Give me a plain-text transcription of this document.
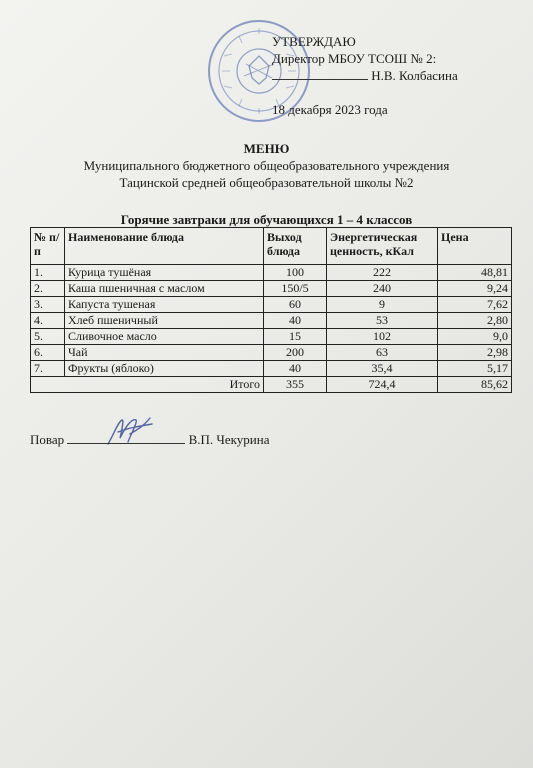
УТВЕРЖДАЮ
Директор МБОУ ТСОШ № 2:
Н.В. Колбасина
18 декабря 2023 года
МЕНЮ
Муниципального бюджетного общеобразовательного учреждения
Тацинской средней общеобразовательной школы №2
Горячие завтраки для обучающихся 1 – 4 классов
№ п/п	Наименование блюда	Выход блюда	Энергетическая ценность, кКал	Цена
1.	Курица тушёная	100	222	48,81
2.	Каша пшеничная с маслом	150/5	240	9,24
3.	Капуста тушеная	60	9	7,62
4.	Хлеб пшеничный	40	53	2,80
5.	Сливочное масло	15	102	9,0
6.	Чай	200	63	2,98
7.	Фрукты (яблоко)	40	35,4	5,17
Итого		355	724,4	85,62
Повар	В.П. Чекурина
